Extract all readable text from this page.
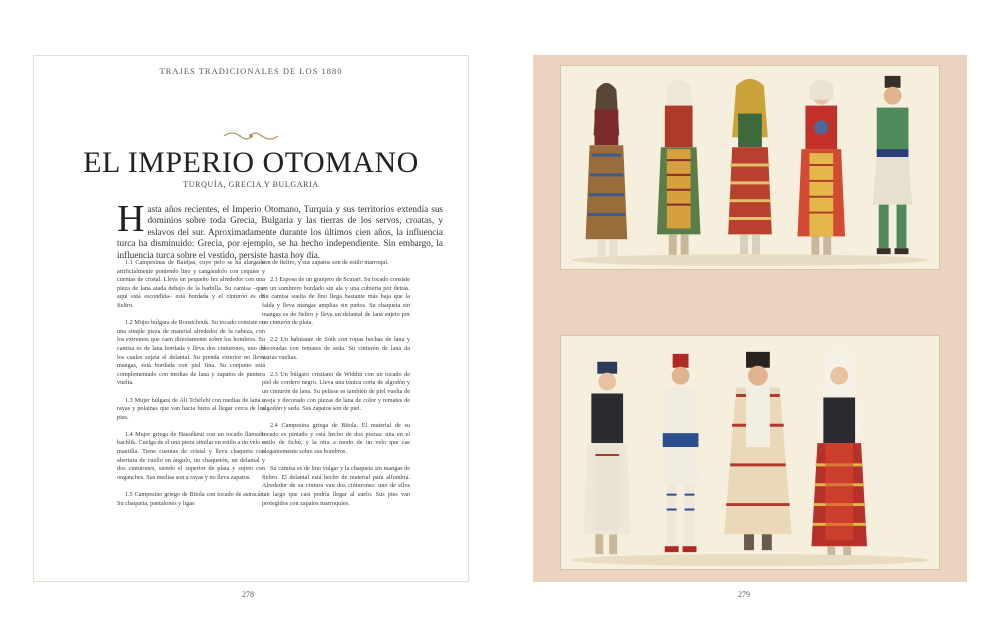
TRAJES TRADICIONALES DE LOS 1880
EL IMPERIO OTOMANO
TURQUÍA, GRECIA Y BULGARIA
H asta años recientes, el Imperio Otomano, Turquía y sus territorios extendía sus dominios sobre toda Grecia, Bulgaria y las tierras de los servos, croatas, y eslavos del sur. Aproximadamente durante los últimos cien años, la influencia turca ha disminuido: Grecia, por ejemplo, se ha hecho independiente. Sin embargo, la influencia turca sobre el vestido, persiste hasta hoy día.

1.1 Campesinas de Baidjas, cuyo pelo se ha alargado artificialmente poniendo lino y cangándolo con cequíes y cuentas de cristal. Lleva un pequeño fez alrededor con una pieza de lana atada debajo de la barbilla. Su camisa –que aquí está escondida– está bordada y el cinturón es de fieltro.

1.2 Mujer búlgara de Roustchouk. Su tocado consiste en una simple pieza de material alrededor de la cabeza, con los extremos que caen directamente sobre los hombros. Su camisa es de lana bordada y lleva dos cinturones, uno de los cuales sujeta el delantal. Su prenda exterior no lleva mangas, está bordada con piel fina. Su conjunto está complementado con medias de lana y zapatos de puntera vuelta.

1.3 Mujer búlgara de Ali Tchélebi con medias de lana a rayas y polainas que van hacia fuera al llegar cerca de los pies.

1.4 Mujer griega de Hassékeui con un tocado llamado bachlik. Cuelga de él una pieza similar en estilo a un velo o mantilla. Tiene cuentas de cristal y lleva chaqueta con abertura de cuello en ángulo, un chaquetón, un delantal y dos cinturones, siendo el superior de plata y sujeto con onganches. Sus medias son a rayas y no lleva zapatos.

1.5 Campesino griego de Bitola con tocado de astracán. Su chaqueta, pantalones y ligas

son de fieltro, y sus zapatos son de estilo marroquí.

2.1 Esposa de un granjero de Scutari. Su tocado consiste en un sombrero bordado sin ala y una cubierta por detrás. Su camisa suelta de lino llega bastante más baja que la falda y lleva mangas amplias sin puños. Su chaqueta sin mangas es de fieltro y lleva un delantal de lana sujeto por un cinturón de plata.

2.2 Un habitante de Soth con ropas hechas de lana y decoradas con remates de seda. Su cinturón de lana da varias vueltas.

2.3 Un búlgaro cristiano de Widdin con un tocado de piel de cordero negro. Lleva una túnica corta de algodón y un cinturón de lana. Su pelisse es también de piel vuelta de oveja y decorado con piezas de lana de color y remates de algodón y seda. Sus zapatos son de piel.

2.4 Campesina griega de Bitola. El material de su tocado es pintado y está hecho de dos piezas: una en el estilo de fichú, y la otra a modo de un velo que cae elegantemente sobre sus hombros.

Su camisa es de lino vulgar y la chaqueta sin mangas de fieltro. El delantal está hecho de material para alfombra. Alrededor de su cintura van dos cinturones: uno de ellos tan largo que casi podría llegar al suelo. Sus pies van protegidos con zapatos marroquíes.

278	279
